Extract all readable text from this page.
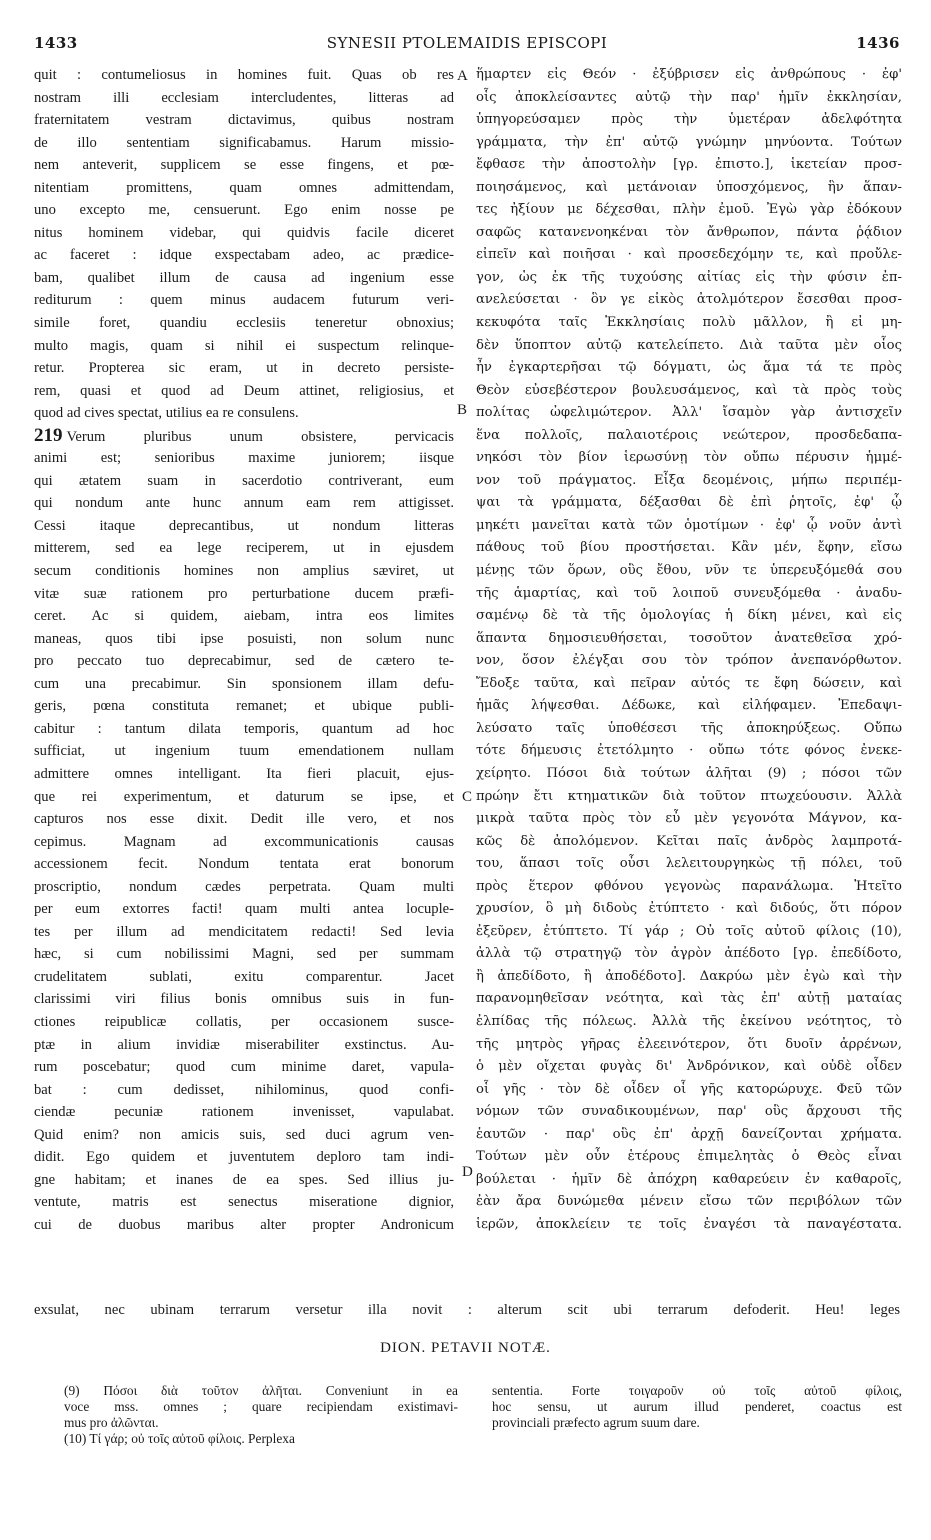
1433	SYNESII PTOLEMAIDIS EPISCOPI	1436
quit : contumeliosus in homines fuit. Quas ob res
nostram illi ecclesiam intercludentes, litteras ad
fraternitatem vestram dictavimus, quibus nostram
de illo sententiam significabamus. Harum missio-
nem anteverit, supplicem se esse fingens, et pœ-
nitentiam promittens, quam omnes admittendam,
uno excepto me, censuerunt. Ego enim nosse pe
nitus hominem videbar, qui quidvis facile diceret
ac faceret : idque exspectabam adeo, ac prædice-
bam, qualibet illum de causa ad ingenium esse
rediturum : quem minus audacem futurum veri-
simile foret, quandiu ecclesiis teneretur obnoxius;
multo magis, quam si nihil ei suspectum relinque-
retur. Propterea sic eram, ut in decreto persiste-
rem, quasi et quod ad Deum attinet, religiosius, et
quod ad cives spectat, utilius ea re consulens.
219 Verum pluribus unum obsistere, pervicacis
animi est; senioribus maxime juniorem; iisque
qui ætatem suam in sacerdotio contriverant, eum
qui nondum ante hunc annum eam rem attigisset.
Cessi itaque deprecantibus, ut nondum litteras
mitterem, sed ea lege reciperem, ut in ejusdem
secum conditionis homines non amplius sæviret, ut
vitæ suæ rationem pro perturbatione ducem præfi-
ceret. Ac si quidem, aiebam, intra eos limites
maneas, quos tibi ipse posuisti, non solum nunc
pro peccato tuo deprecabimur, sed de cætero te-
cum una precabimur. Sin sponsionem illam defu-
geris, pœna constituta remanet; et ubique publi-
cabitur : tantum dilata temporis, quantum ad hoc
sufficiat, ut ingenium tuum emendationem nullam
admittere omnes intelligant. Ita fieri placuit, ejus-
que rei experimentum, et daturum se ipse, et
capturos nos esse dixit. Dedit ille vero, et nos
cepimus. Magnam ad excommunicationis causas
accessionem fecit. Nondum tentata erat bonorum
proscriptio, nondum cædes perpetrata. Quam multi
per eum extorres facti! quam multi antea locuple-
tes per illum ad mendicitatem redacti! Sed levia
hæc, si cum nobilissimi Magni, sed per summam
crudelitatem sublati, exitu comparentur. Jacet
clarissimi viri filius bonis omnibus suis in fun-
ctiones reipublicæ collatis, per occasionem susce-
ptæ in alium invidiæ miserabiliter exstinctus. Au-
rum poscebatur; quod cum minime daret, vapula-
bat : cum dedisset, nihilominus, quod confi-
ciendæ pecuniæ rationem invenisset, vapulabat.
Quid enim? non amicis suis, sed duci agrum ven-
didit. Ego quidem et juventutem deploro tam indi-
gne habitam; et inanes de ea spes. Sed illius ju-
ventute, matris est senectus miseratione dignior,
cui de duobus maribus alter propter Andronicum
ἥμαρτεν εἰς Θεόν · ἐξύβρισεν εἰς ἀνθρώπους · ἐφ'
οἷς ἀποκλείσαντες αὐτῷ τὴν παρ' ἡμῖν ἐκκλησίαν,
ὑπηγορεύσαμεν πρὸς τὴν ὑμετέραν ἀδελφότητα
γράμματα, τὴν ἐπ' αὐτῷ γνώμην μηνύοντα. Τούτων
ἔφθασε τὴν ἀποστολὴν [γρ. ἐπιστο.], ἱκετείαν προσ-
ποιησάμενος, καὶ μετάνοιαν ὑποσχόμενος, ἣν ἅπαν-
τες ἠξίουν με δέχεσθαι, πλὴν ἐμοῦ. Ἐγὼ γὰρ ἐδόκουν
σαφῶς κατανενοηκέναι τὸν ἄνθρωπον, πάντα ῥᾴδιον
εἰπεῖν καὶ ποιῆσαι · καὶ προσεδεχόμην τε, καὶ προὔλε-
γον, ὡς ἐκ τῆς τυχούσης αἰτίας εἰς τὴν φύσιν ἐπ-
ανελεύσεται · ὃν γε εἰκὸς ἀτολμότερον ἔσεσθαι προσ-
κεκυφότα ταῖς Ἐκκλησίαις πολὺ μᾶλλον, ἢ εἰ μη-
δὲν ὕποπτον αὐτῷ κατελείπετο. Διὰ ταῦτα μὲν οἷος
ἦν ἐγκαρτερῆσαι τῷ δόγματι, ὡς ἅμα τά τε πρὸς
Θεὸν εὐσεβέστερον βουλευσάμενος, καὶ τὰ πρὸς τοὺς
πολίτας ὠφελιμώτερον. Ἀλλ' ἴσαμὸν γὰρ ἀντισχεῖν
ἕνα πολλοῖς, παλαιοτέροις νεώτερον, προσδεδαπα-
νηκόσι τὸν βίον ἱερωσύνῃ τὸν οὔπω πέρυσιν ἡμμέ-
νον τοῦ πράγματος. Εἶξα δεομένοις, μήπω περιπέμ-
ψαι τὰ γράμματα, δέξασθαι δὲ ἐπὶ ῥητοῖς, ἐφ' ᾧ
μηκέτι μανεῖται κατὰ τῶν ὁμοτίμων · ἐφ' ᾧ νοῦν ἀντὶ
πάθους τοῦ βίου προστήσεται. Κἂν μέν, ἔφην, εἴσω
μένῃς τῶν ὅρων, οὓς ἔθου, νῦν τε ὑπερευξόμεθά σου
τῆς ἁμαρτίας, καὶ τοῦ λοιποῦ συνευξόμεθα · ἀναδυ-
σαμένῳ δὲ τὰ τῆς ὁμολογίας ἡ δίκη μένει, καὶ εἰς
ἅπαντα δημοσιευθήσεται, τοσοῦτον ἀνατεθεῖσα χρό-
νον, ὅσον ἐλέγξαι σου τὸν τρόπον ἀνεπανόρθωτον.
Ἔδοξε ταῦτα, καὶ πεῖραν αὐτός τε ἔφη δώσειν, καὶ
ἡμᾶς λήψεσθαι. Δέδωκε, καὶ εἰλήφαμεν. Ἐπεδαψι-
λεύσατο ταῖς ὑποθέσεσι τῆς ἀποκηρύξεως. Οὔπω
τότε δήμευσις ἐτετόλμητο · οὔπω τότε φόνος ἐνεκε-
χείρητο. Πόσοι διὰ τούτων ἀλῆται (9) ; πόσοι τῶν
πρώην ἔτι κτηματικῶν διὰ τοῦτον πτωχεύουσιν. Ἀλλὰ
μικρὰ ταῦτα πρὸς τὸν εὖ μὲν γεγονότα Μάγνον, κα-
κῶς δὲ ἀπολόμενον. Κεῖται παῖς ἀνδρὸς λαμπροτά-
του, ἅπασι τοῖς οὖσι λελειτουργηκὼς τῇ πόλει, τοῦ
πρὸς ἕτερον φθόνου γεγονὼς παρανάλωμα. Ἠτεῖτο
χρυσίον, ὃ μὴ διδοὺς ἐτύπτετο · καὶ διδούς, ὅτι πόρον
ἐξεῦρεν, ἐτύπτετο. Τί γάρ ; Οὐ τοῖς αὐτοῦ φίλοις (10),
ἀλλὰ τῷ στρατηγῷ τὸν ἀγρὸν ἀπέδοτο [γρ. ἐπεδίδοτο,
ἢ ἀπεδίδοτο, ἢ ἀποδέδοτο]. Δακρύω μὲν ἐγὼ καὶ τὴν
παρανομηθεῖσαν νεότητα, καὶ τὰς ἐπ' αὐτῇ ματαίας
ἐλπίδας τῆς πόλεως. Ἀλλὰ τῆς ἐκείνου νεότητος, τὸ
τῆς μητρὸς γῆρας ἐλεεινότερον, ὅτι δυοῖν ἀρρένων,
ὁ μὲν οἴχεται φυγὰς δι' Ἀνδρόνικον, καὶ οὐδὲ οἶδεν
οἷ γῆς · τὸν δὲ οἶδεν οἷ γῆς κατορώρυχε. Φεῦ τῶν
νόμων τῶν συναδικουμένων, παρ' οὓς ἄρχουσι τῆς
ἑαυτῶν · παρ' οὓς ἐπ' ἀρχῇ δανείζονται χρήματα.
Τούτων μὲν οὖν ἑτέρους ἐπιμελητὰς ὁ Θεὸς εἶναι
βούλεται · ἡμῖν δὲ ἀπόχρη καθαρεύειν ἐν καθαροῖς,
ἐὰν ἄρα δυνώμεθα μένειν εἴσω τῶν περιβόλων τῶν
ἱερῶν, ἀποκλείειν τε τοῖς ἐναγέσι τὰ παναγέστατα.
A
B
C
D
exsulat, nec ubinam terrarum versetur illa novit : alterum scit ubi terrarum defoderit. Heu! leges
DION. PETAVII NOTÆ.
(9) Πόσοι διὰ τοῦτον ἀλῆται. Conveniunt in ea
voce mss. omnes ; quare recipiendam existimavi-
mus pro ἀλῶνται.
(10) Τί γάρ; οὐ τοῖς αὐτοῦ φίλοις. Perplexa
sententia. Forte τοιγαροῦν οὐ τοῖς αὐτοῦ φίλοις,
hoc sensu, ut aurum illud penderet, coactus est
provinciali præfecto agrum suum dare.
